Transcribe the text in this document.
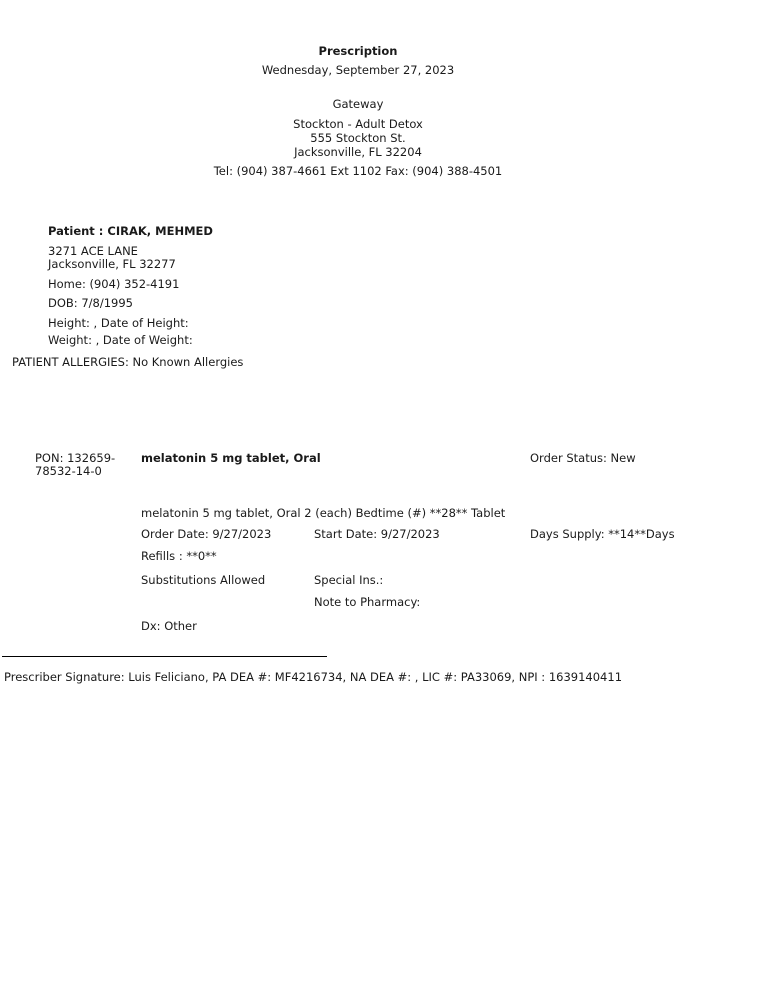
Prescription
Wednesday, September 27, 2023
Gateway
Stockton - Adult Detox
555 Stockton St.
Jacksonville, FL 32204
Tel: (904) 387-4661 Ext 1102 Fax: (904) 388-4501
Patient : CIRAK, MEHMED
3271 ACE LANE
Jacksonville, FL 32277
Home: (904) 352-4191
DOB: 7/8/1995
Height: , Date of Height:
Weight: , Date of Weight:
PATIENT ALLERGIES: No Known Allergies
PON: 132659-
78532-14-0
melatonin 5 mg tablet, Oral	Order Status: New
melatonin 5 mg tablet, Oral 2 (each) Bedtime (#) **28** Tablet
Order Date: 9/27/2023	Start Date: 9/27/2023	Days Supply: **14**Days
Refills : **0**
Substitutions Allowed	Special Ins.:
Note to Pharmacy:
Dx: Other
Prescriber Signature: Luis Feliciano, PA DEA #: MF4216734, NA DEA #: , LIC #: PA33069, NPI : 1639140411
